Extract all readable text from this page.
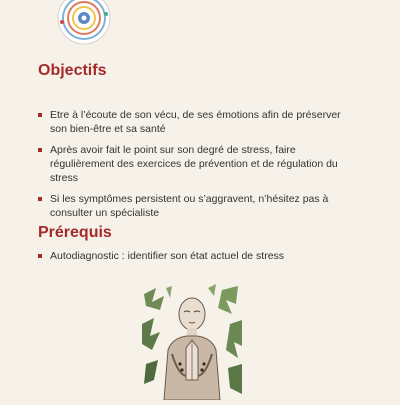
Objectifs
Etre à l’écoute de son vécu, de ses émotions afin de préserver son bien-être et sa santé
Après avoir fait le point sur son degré de stress, faire régulièrement des exercices de prévention et de régulation du stress
Si les symptômes persistent ou s’aggravent, n’hésitez pas à consulter un spécialiste
Prérequis
Autodiagnostic : identifier son état actuel de stress
